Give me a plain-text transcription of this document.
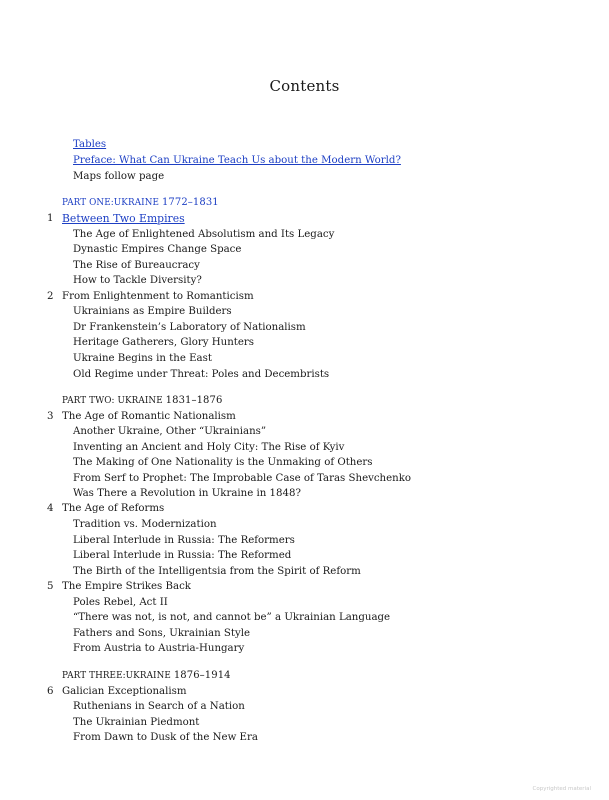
Contents
Tables
Preface: What Can Ukraine Teach Us about the Modern World?
Maps follow page
PART ONE:UKRAINE 1772–1831
1 Between Two Empires
The Age of Enlightened Absolutism and Its Legacy
Dynastic Empires Change Space
The Rise of Bureaucracy
How to Tackle Diversity?
2 From Enlightenment to Romanticism
Ukrainians as Empire Builders
Dr Frankenstein’s Laboratory of Nationalism
Heritage Gatherers, Glory Hunters
Ukraine Begins in the East
Old Regime under Threat: Poles and Decembrists
PART TWO: UKRAINE 1831–1876
3 The Age of Romantic Nationalism
Another Ukraine, Other “Ukrainians”
Inventing an Ancient and Holy City: The Rise of Kyiv
The Making of One Nationality is the Unmaking of Others
From Serf to Prophet: The Improbable Case of Taras Shevchenko
Was There a Revolution in Ukraine in 1848?
4 The Age of Reforms
Tradition vs. Modernization
Liberal Interlude in Russia: The Reformers
Liberal Interlude in Russia: The Reformed
The Birth of the Intelligentsia from the Spirit of Reform
5 The Empire Strikes Back
Poles Rebel, Act II
“There was not, is not, and cannot be” a Ukrainian Language
Fathers and Sons, Ukrainian Style
From Austria to Austria-Hungary
PART THREE:UKRAINE 1876–1914
6 Galician Exceptionalism
Ruthenians in Search of a Nation
The Ukrainian Piedmont
From Dawn to Dusk of the New Era
Copyrighted material
